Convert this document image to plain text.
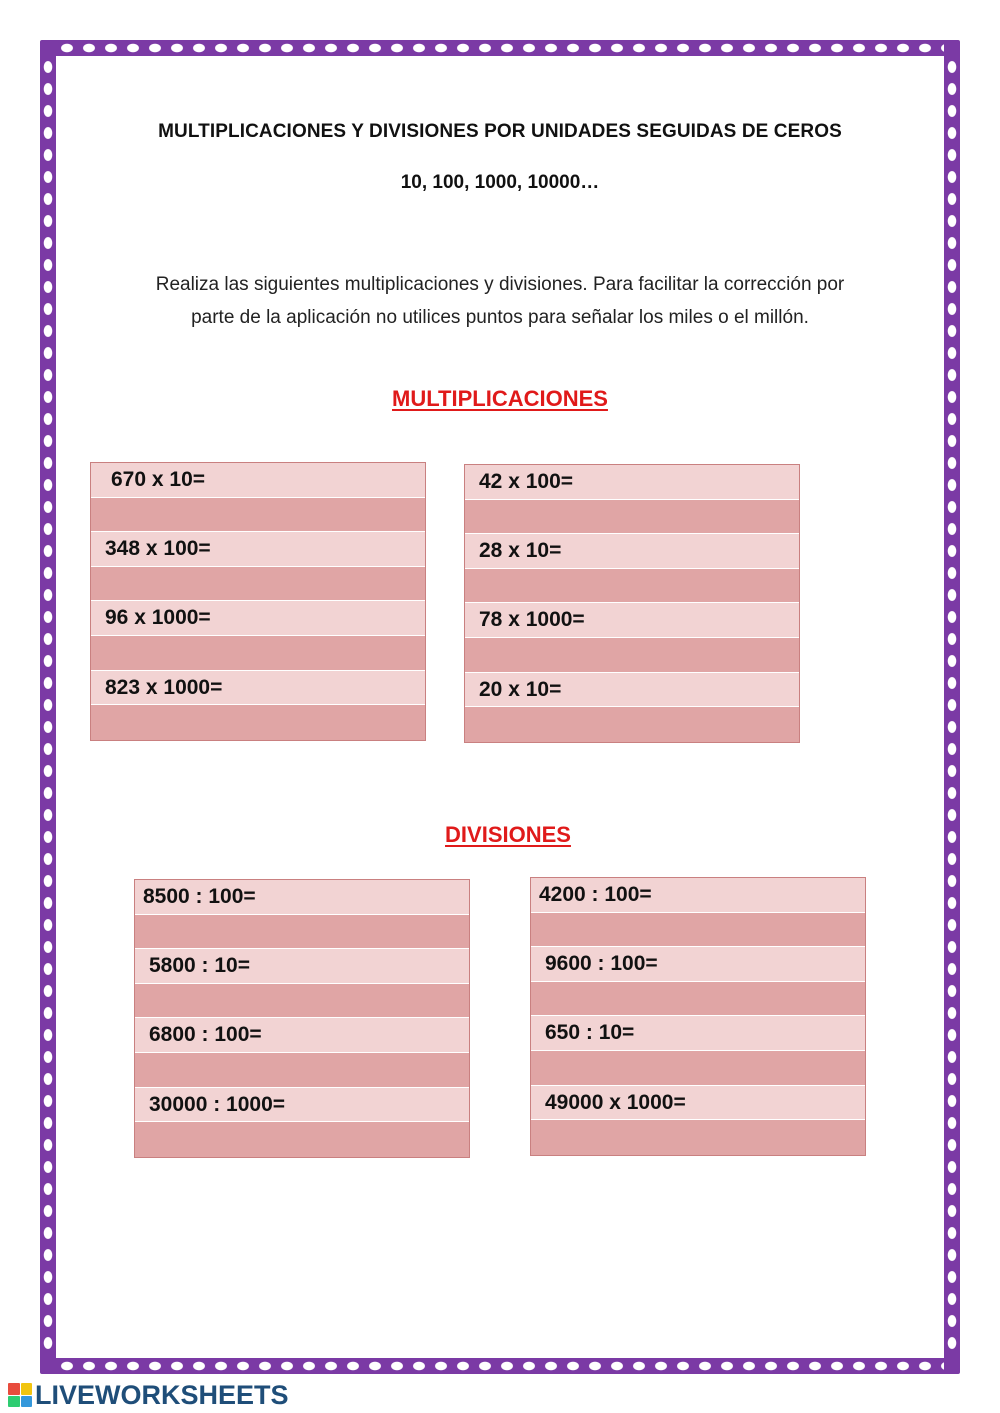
MULTIPLICACIONES Y DIVISIONES POR UNIDADES SEGUIDAS DE CEROS
10, 100, 1000, 10000…
Realiza las siguientes multiplicaciones y divisiones. Para facilitar la corrección por parte de la aplicación no utilices puntos para señalar los miles o el millón.
MULTIPLICACIONES
670 x 10=
348 x 100=
96 x 1000=
823 x 1000=
42 x 100=
28 x 10=
78 x 1000=
20 x 10=
DIVISIONES
8500 : 100=
5800 : 10=
6800 : 100=
30000 : 1000=
4200 : 100=
9600 : 100=
650 : 10=
49000 x 1000=
LIVEWORKSHEETS
